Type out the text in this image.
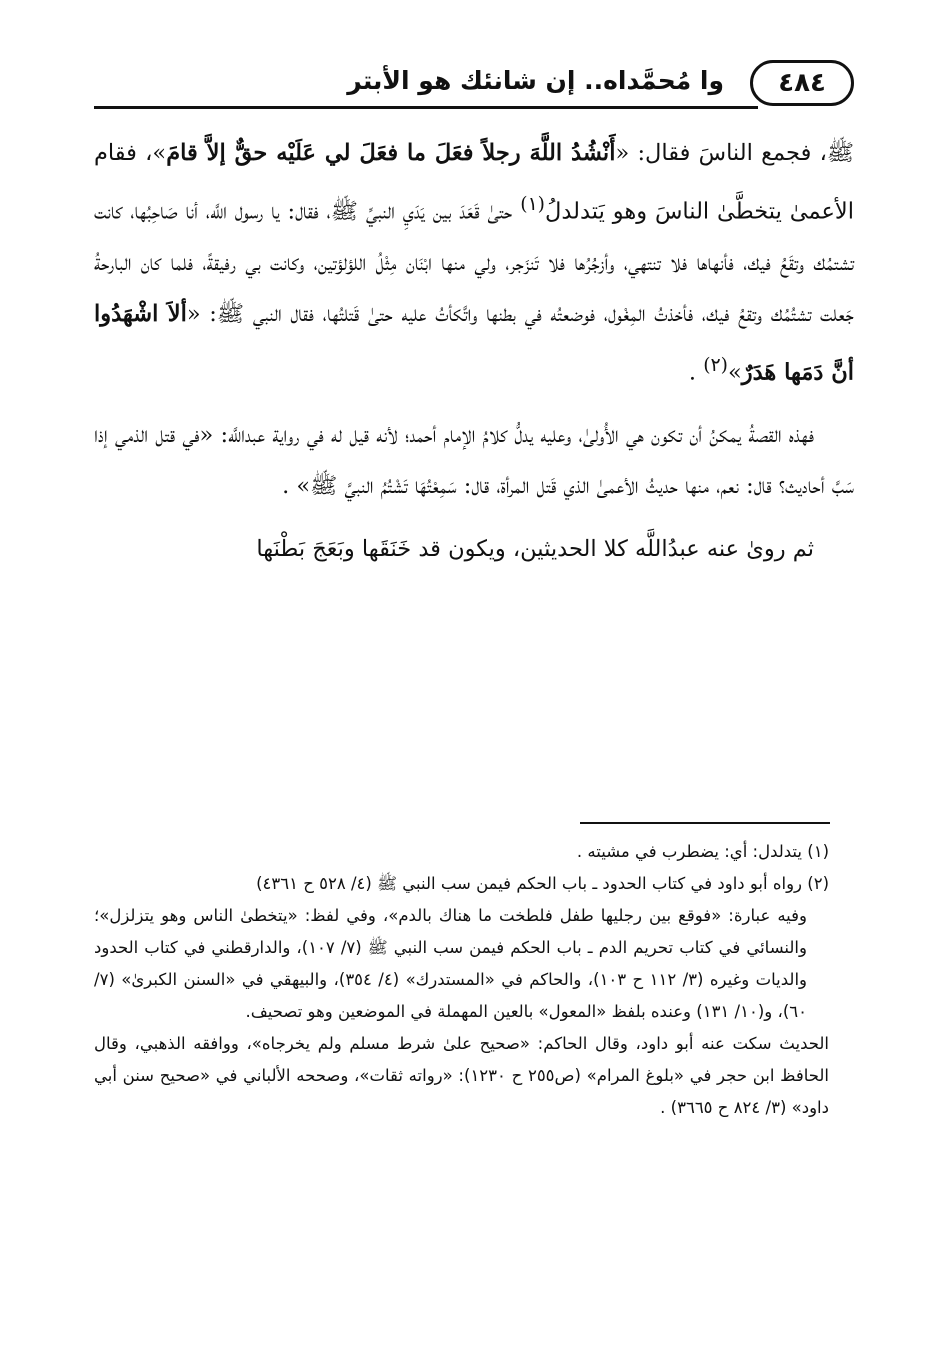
٤٨٤
وا مُحمَّداه.. إن شانئك هو الأبتر

ﷺ، فجمع الناسَ فقال: «أَنْشُدُ اللَّهَ رجلاً فعَلَ ما فعَلَ لي عَلَيْه حقٌّ إلاَّ قامَ»، فقام الأعمىٰ يتخطَّىٰ الناسَ وهو يَتدلدلُ$^{(١)}$ حتىٰ قَعَدَ بين يَدَيِ النبيِّ ﷺ، فقال: يا رسول اللَّه، أنا صَاحِبُها، كانت تشتمُك وتقَعُ فيك، فأنهاها فلا تنتهي، وأزجُرُها فلا تَنزَجر، ولي منها ابْنَان مِثْلُ اللؤلؤتين، وكانت بي رفيقةً، فلما كان البارحةُ جَعلت تشتُمُك وتقعُ فيك، فأخذتُ المِغْول، فوضعتُه في بطنها واتَّكأتُ عليه حتىٰ قَتلتُها، فقال النبي ﷺ: «ألاَ اشْهَدُوا أنَّ دَمَها هَدَرٌ»$^{(٢)}$ .

فهذه القصةُ يمكنُ أن تكون هي الأُولىٰ، وعليه يدلُّ كلامُ الإمام أحمد؛ لأنه قيل له في رواية عبداللَّه: «في قتل الذمي إذا سَبَّ أحاديث؟ قال: نعم، منها حديثُ الأعمىٰ الذي قَتل المرأة، قال: سَمِعْتُهَا تَشْتُمُ النبيَّ ﷺ» .

ثم روىٰ عنه عبدُاللَّه كلا الحديثين، ويكون قد خَنَقَها وبَعَجَ بَطْنَها

(١) يتدلدل: أي: يضطرب في مشيته .

(٢) رواه أبو داود في كتاب الحدود ـ باب الحكم فيمن سب النبي ﷺ (٤/ ٥٢٨ ح ٤٣٦١)

وفيه عبارة: «فوقع بين رجليها طفل فلطخت ما هناك بالدم»، وفي لفظ: «يتخطىٰ الناس وهو يتزلزل»؛ والنسائي في كتاب تحريم الدم ـ باب الحكم فيمن سب النبي ﷺ (٧/ ١٠٧)، والدارقطني في كتاب الحدود والديات وغيره (٣/ ١١٢ ح ١٠٣)، والحاكم في «المستدرك» (٤/ ٣٥٤)، والبيهقي في «السنن الكبرىٰ» (٧/ ٦٠)، و(١٠/ ١٣١) وعنده بلفظ «المعول» بالعين المهملة في الموضعين وهو تصحيف.

الحديث سكت عنه أبو داود، وقال الحاكم: «صحيح علىٰ شرط مسلم ولم يخرجاه»، ووافقه الذهبي، وقال الحافظ ابن حجر في «بلوغ المرام» (ص٢٥٥ ح ١٢٣٠): «رواته ثقات»، وصححه الألباني في «صحيح سنن أبي داود» (٣/ ٨٢٤ ح ٣٦٦٥) .
